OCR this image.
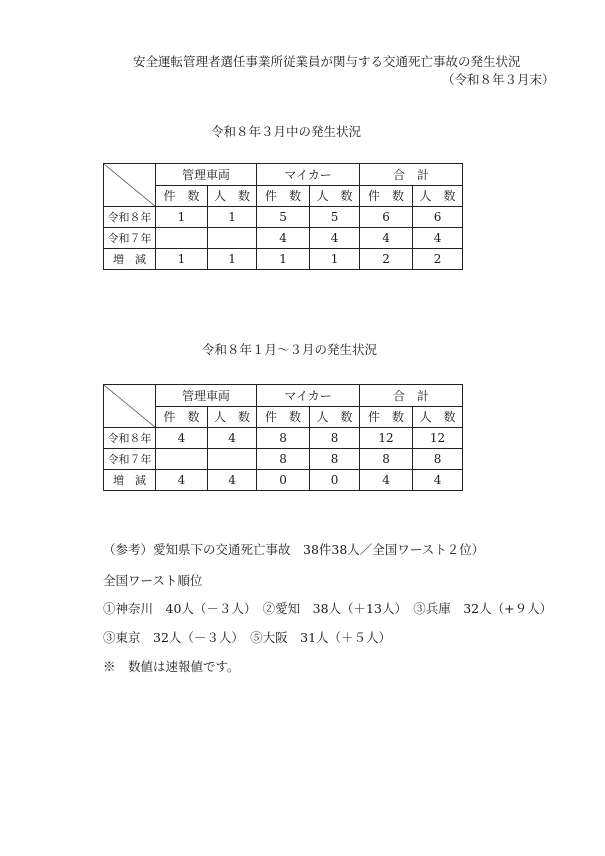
安全運転管理者選任事業所従業員が関与する交通死亡事故の発生状況
（令和８年３月末）
令和８年３月中の発生状況
	管理車両		マイカー		合　計	
	件　数	人　数	件　数	人　数	件　数	人　数
令和８年	1	1	5	5	6	6
令和７年			4	4	4	4
増　減	1	1	1	1	2	2
令和８年１月～３月の発生状況
	管理車両		マイカー		合　計	
	件　数	人　数	件　数	人　数	件　数	人　数
令和８年	4	4	8	8	12	12
令和７年			8	8	8	8
増　減	4	4	0	0	4	4
（参考）愛知県下の交通死亡事故　38件38人／全国ワースト２位）
全国ワースト順位
①神奈川　40人（－３人）　②愛知　38人（＋13人）　③兵庫　32人（+９人）
③東京　32人（－３人）　⑤大阪　31人（＋５人）
※　数値は速報値です。
